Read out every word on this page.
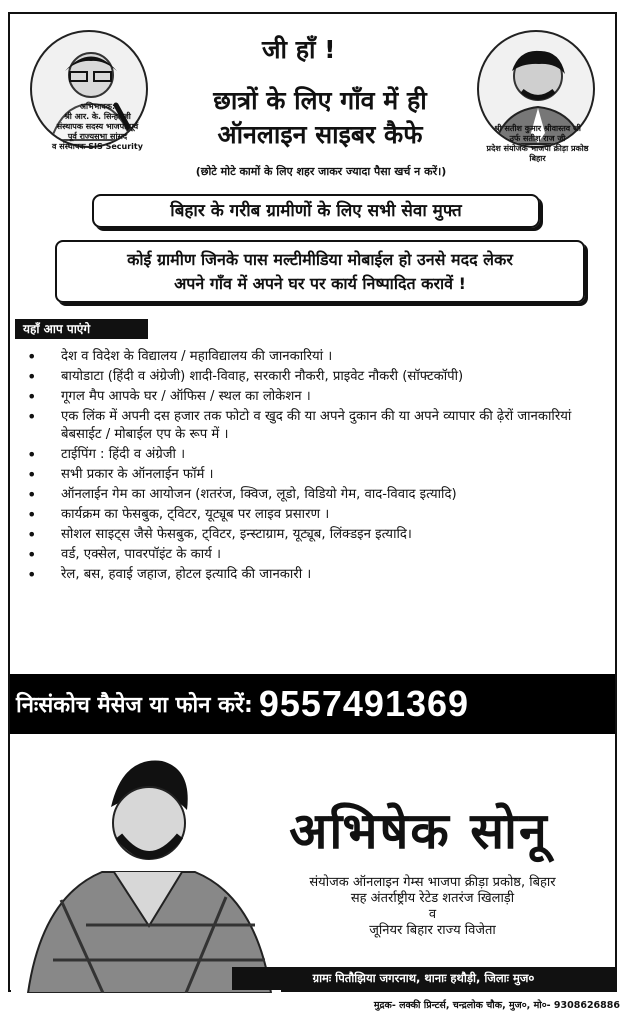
अभिभावक:
श्री आर. के. सिन्हा जी
संस्थापक सदस्य भाजपा,पूर्व
पूर्व राज्यसभा सांसद
व संस्थापक SIS Security
जी हाँ !
छात्रों के लिए गाँव में ही
ऑनलाइन साइबर कैफे	श्री सतीश कुमार श्रीवास्तव जी
उर्फ सतीश राज जी
प्रदेश संयोजक भाजपा क्रीड़ा प्रकोष्ठ
बिहार
(छोटे मोटे कामों के लिए शहर जाकर ज्यादा पैसा खर्च न करें।)
बिहार के गरीब ग्रामीणों के लिए सभी सेवा मुफ्त
कोई ग्रामीण जिनके पास मल्टीमीडिया मोबाईल हो उनसे मदद लेकर
अपने गाँव में अपने घर पर कार्य निष्पादित करावें !
यहाँ आप पाएंगे
• देश व विदेश के विद्यालय / महाविद्यालय की जानकारियां ।
• बायोडाटा (हिंदी व अंग्रेजी) शादी-विवाह, सरकारी नौकरी, प्राइवेट नौकरी (सॉफ्टकॉपी)
• गूगल मैप आपके घर / ऑफिस / स्थल का लोकेशन ।
• एक लिंक में अपनी दस हजार तक फोटो व खुद की या अपने दुकान की या अपने व्यापार की ढ़ेरों जानकारियां बेबसाईट / मोबाईल एप के रूप में ।
• टाईपिंग : हिंदी व अंग्रेजी ।
• सभी प्रकार के ऑनलाईन फॉर्म ।
• ऑनलाईन गेम का आयोजन (शतरंज, क्विज, लूडो, विडियो गेम, वाद-विवाद इत्यादि)
• कार्यक्रम का फेसबुक, ट्विटर, यूट्यूब पर लाइव प्रसारण ।
• सोशल साइट्स जैसे फेसबुक, ट्विटर, इन्स्टाग्राम, यूट्यूब, लिंक्डइन इत्यादि।
• वर्ड, एक्सेल, पावरपॉइंट के कार्य ।
• रेल, बस, हवाई जहाज, होटल इत्यादि की जानकारी ।
निःसंकोच मैसेज या फोन करें: 9557491369
अभिषेक सोनू
संयोजक ऑनलाइन गेम्स भाजपा क्रीड़ा प्रकोष्ठ, बिहार
सह अंतर्राष्ट्रीय रेटेड शतरंज खिलाड़ी
व
जूनियर बिहार राज्य विजेता
ग्रामः पितौझिया जगरनाथ, थानाः हथौड़ी, जिलाः मुज०
मुद्रक- लक्की प्रिन्टर्स, चन्द्रलोक चौक, मुज०, मो०- 9308626886
